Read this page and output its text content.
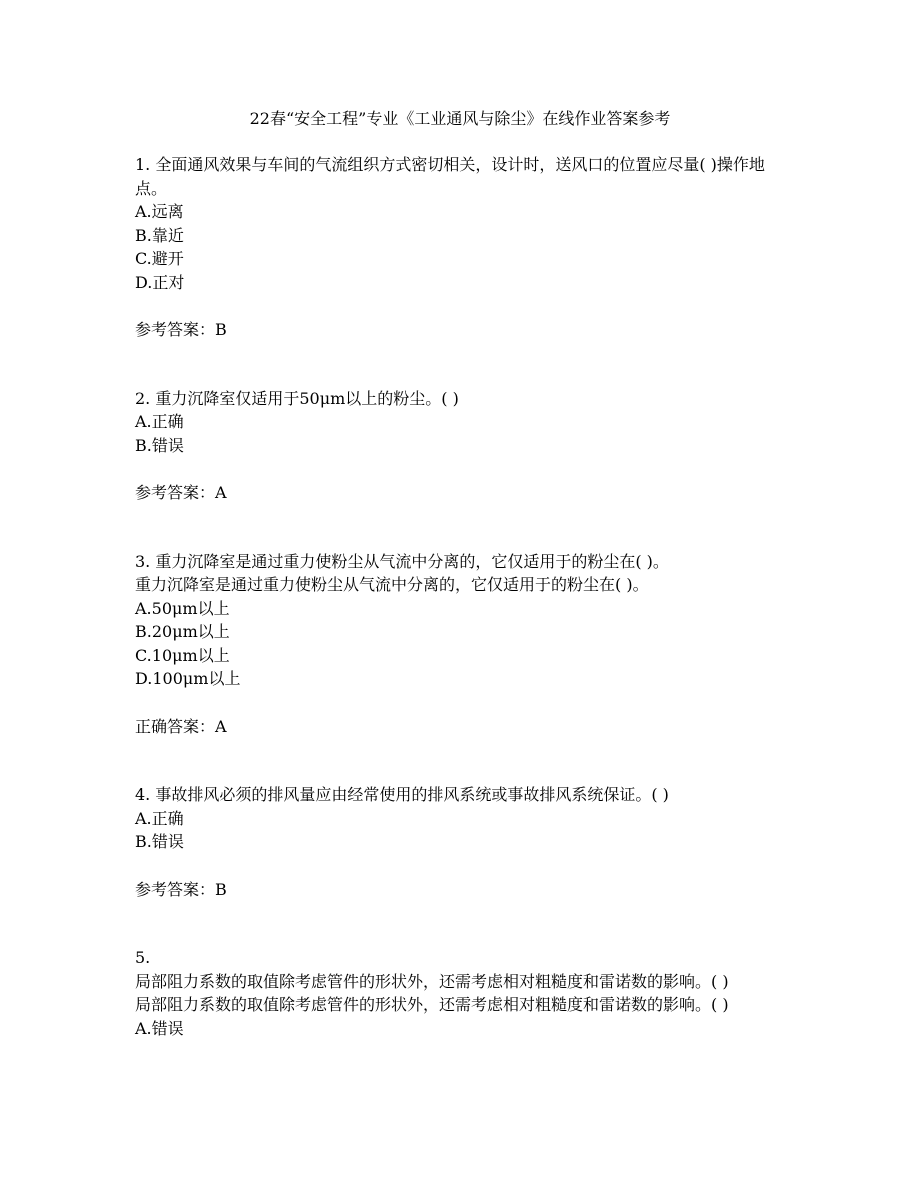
22春“安全工程”专业《工业通风与除尘》在线作业答案参考
1. 全面通风效果与车间的气流组织方式密切相关，设计时，送风口的位置应尽量( )操作地点。
A.远离
B.靠近
C.避开
D.正对
参考答案：B
2. 重力沉降室仅适用于50μm以上的粉尘。( )
A.正确
B.错误
参考答案：A
3. 重力沉降室是通过重力使粉尘从气流中分离的，它仅适用于的粉尘在( )。
重力沉降室是通过重力使粉尘从气流中分离的，它仅适用于的粉尘在( )。
A.50μm以上
B.20μm以上
C.10μm以上
D.100μm以上
正确答案：A
4. 事故排风必须的排风量应由经常使用的排风系统或事故排风系统保证。( )
A.正确
B.错误
参考答案：B
5.
局部阻力系数的取值除考虑管件的形状外，还需考虑相对粗糙度和雷诺数的影响。( )
局部阻力系数的取值除考虑管件的形状外，还需考虑相对粗糙度和雷诺数的影响。( )
A.错误
